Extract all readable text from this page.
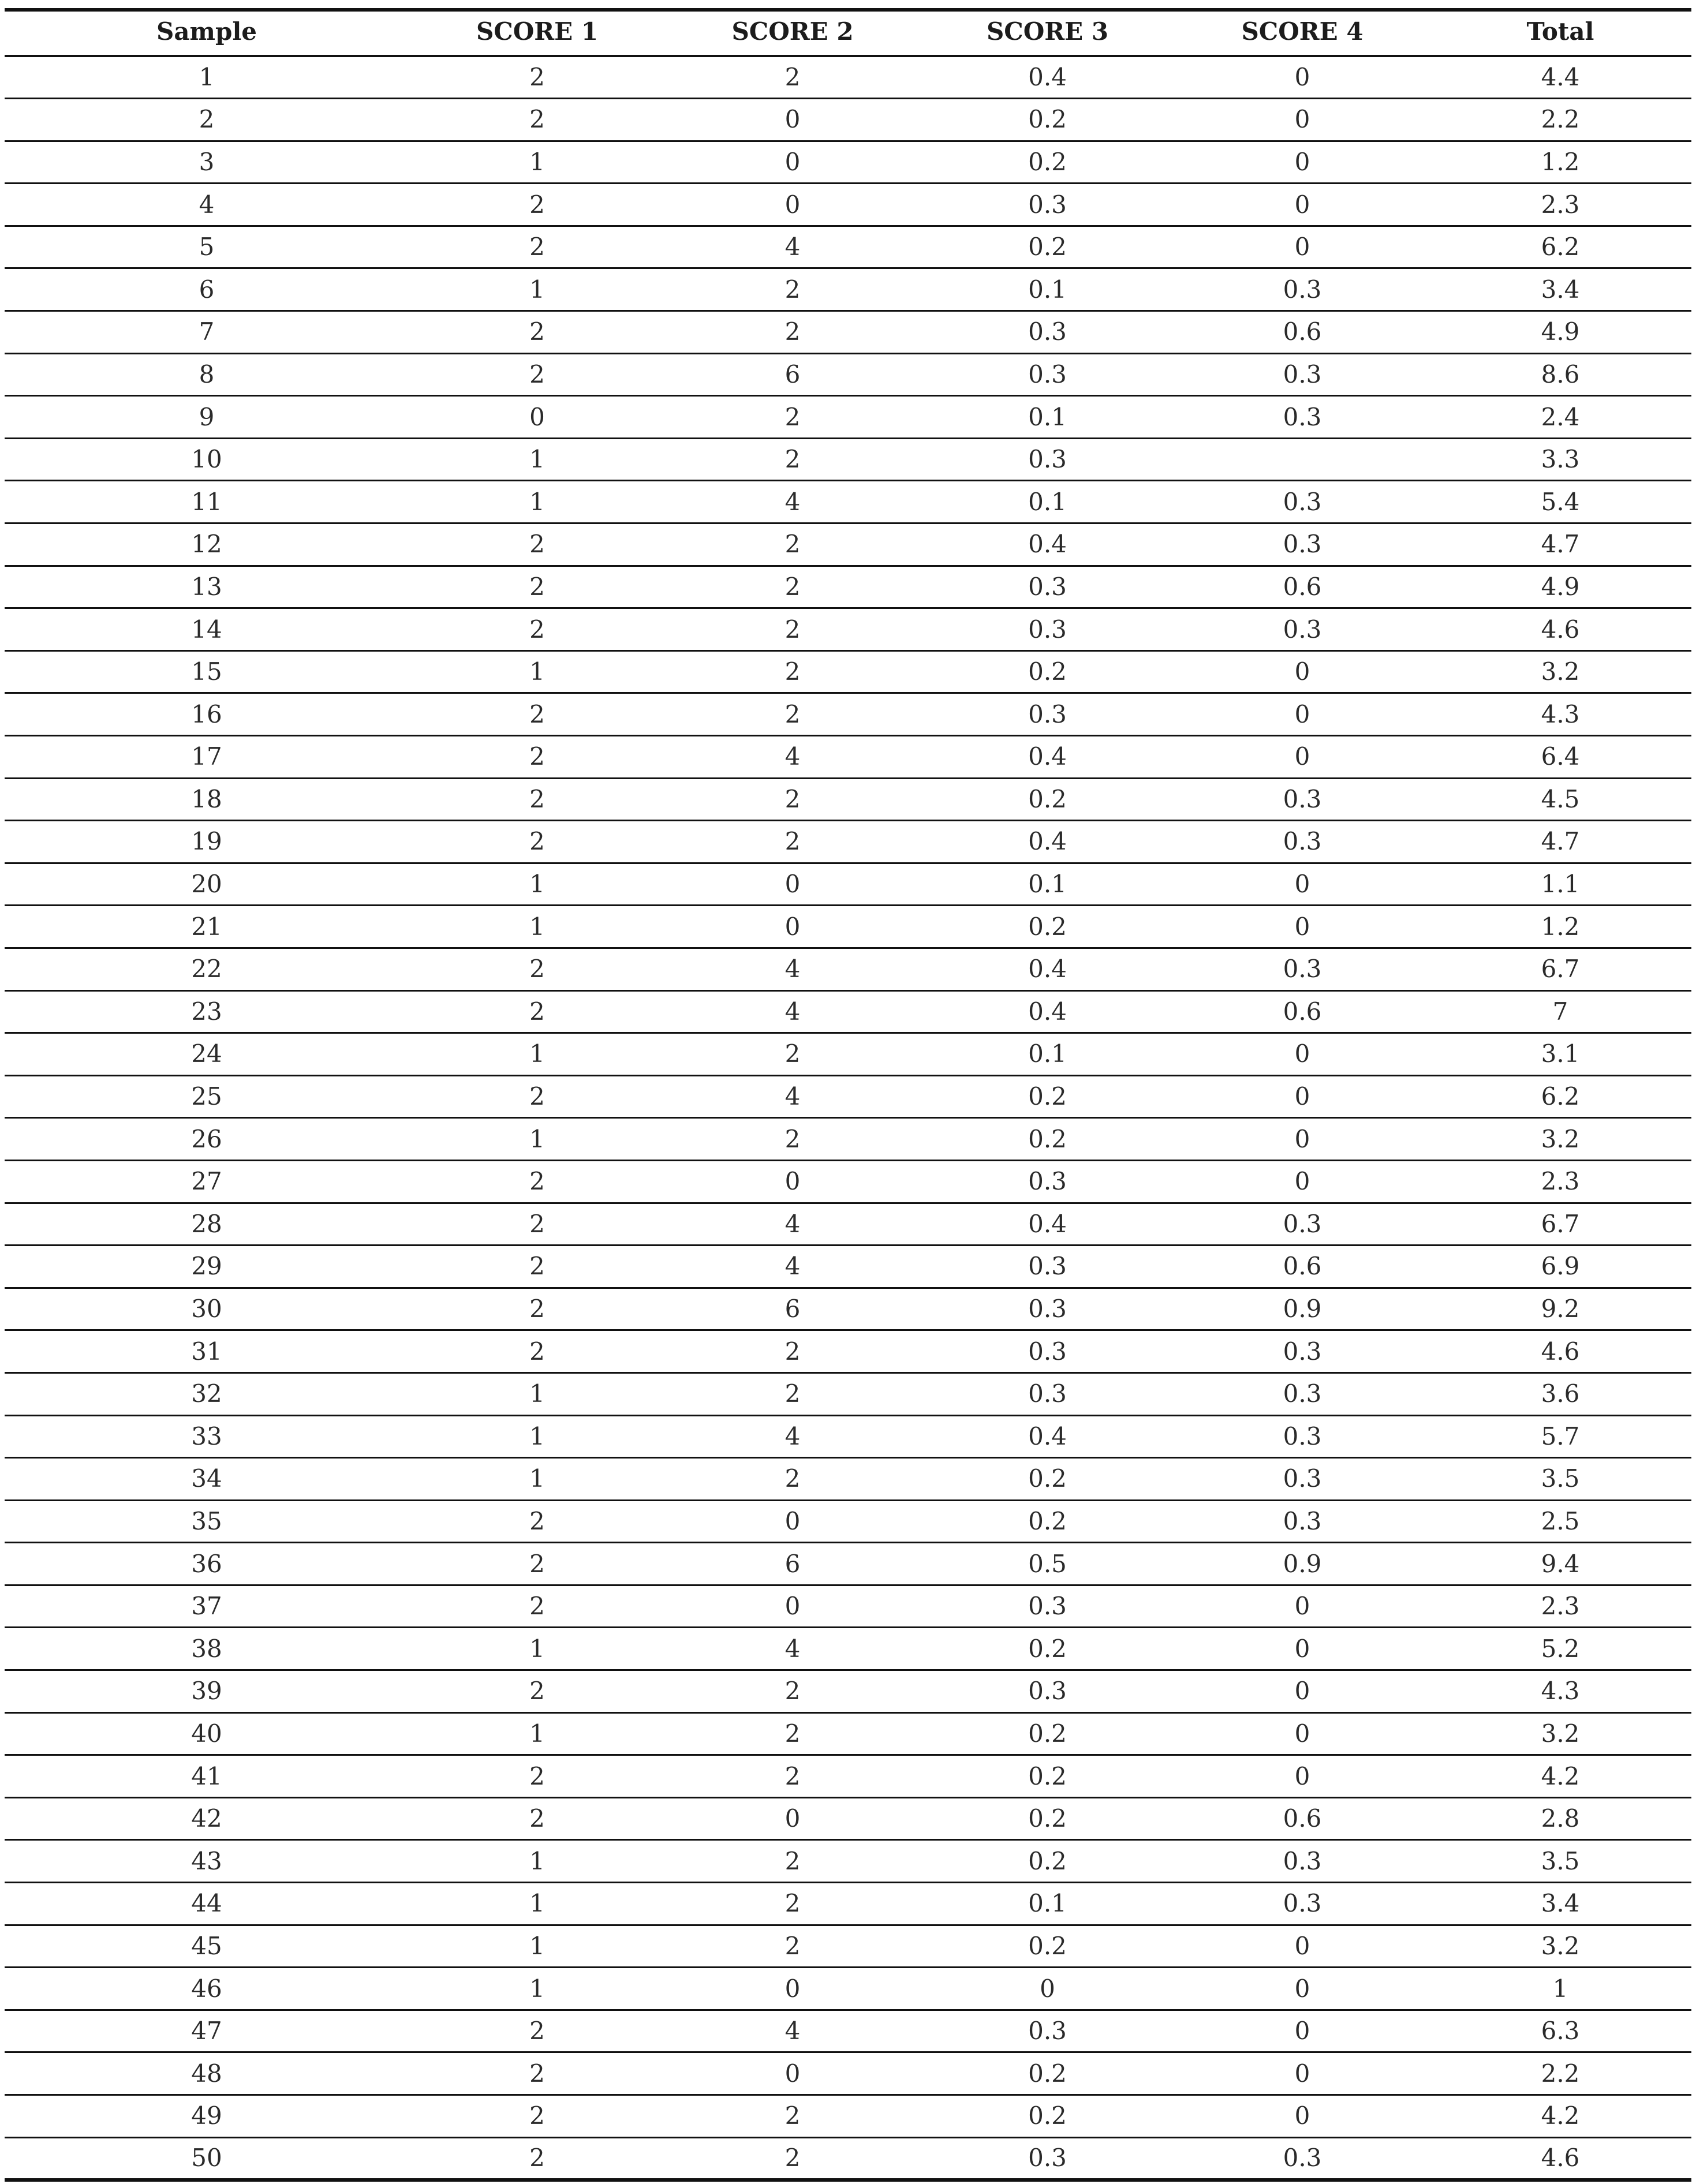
Sample	SCORE 1	SCORE 2	SCORE 3	SCORE 4	Total
1	2	2	0.4	0	4.4
2	2	0	0.2	0	2.2
3	1	0	0.2	0	1.2
4	2	0	0.3	0	2.3
5	2	4	0.2	0	6.2
6	1	2	0.1	0.3	3.4
7	2	2	0.3	0.6	4.9
8	2	6	0.3	0.3	8.6
9	0	2	0.1	0.3	2.4
10	1	2	0.3		3.3
11	1	4	0.1	0.3	5.4
12	2	2	0.4	0.3	4.7
13	2	2	0.3	0.6	4.9
14	2	2	0.3	0.3	4.6
15	1	2	0.2	0	3.2
16	2	2	0.3	0	4.3
17	2	4	0.4	0	6.4
18	2	2	0.2	0.3	4.5
19	2	2	0.4	0.3	4.7
20	1	0	0.1	0	1.1
21	1	0	0.2	0	1.2
22	2	4	0.4	0.3	6.7
23	2	4	0.4	0.6	7
24	1	2	0.1	0	3.1
25	2	4	0.2	0	6.2
26	1	2	0.2	0	3.2
27	2	0	0.3	0	2.3
28	2	4	0.4	0.3	6.7
29	2	4	0.3	0.6	6.9
30	2	6	0.3	0.9	9.2
31	2	2	0.3	0.3	4.6
32	1	2	0.3	0.3	3.6
33	1	4	0.4	0.3	5.7
34	1	2	0.2	0.3	3.5
35	2	0	0.2	0.3	2.5
36	2	6	0.5	0.9	9.4
37	2	0	0.3	0	2.3
38	1	4	0.2	0	5.2
39	2	2	0.3	0	4.3
40	1	2	0.2	0	3.2
41	2	2	0.2	0	4.2
42	2	0	0.2	0.6	2.8
43	1	2	0.2	0.3	3.5
44	1	2	0.1	0.3	3.4
45	1	2	0.2	0	3.2
46	1	0	0	0	1
47	2	4	0.3	0	6.3
48	2	0	0.2	0	2.2
49	2	2	0.2	0	4.2
50	2	2	0.3	0.3	4.6
